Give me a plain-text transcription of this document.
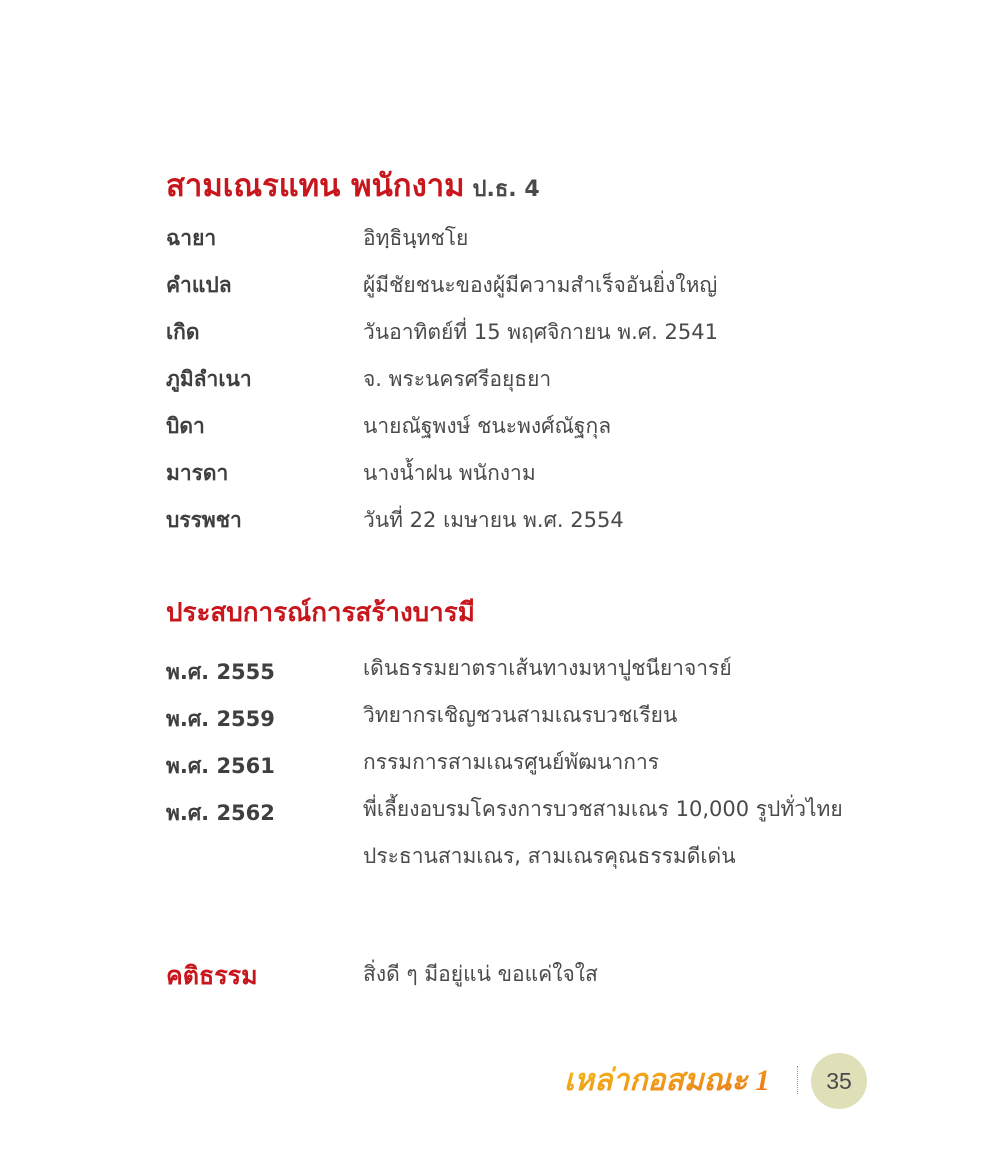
สามเณรแทน พนักงาม ป.ธ. 4
ฉายา	อิทฺธินฺทชโย
คำแปล	ผู้มีชัยชนะของผู้มีความสำเร็จอันยิ่งใหญ่
เกิด	วันอาทิตย์ที่ 15 พฤศจิกายน พ.ศ. 2541
ภูมิลำเนา	จ. พระนครศรีอยุธยา
บิดา	นายณัฐพงษ์ ชนะพงศ์ณัฐกุล
มารดา	นางน้ำฝน พนักงาม
บรรพชา	วันที่ 22 เมษายน พ.ศ. 2554
ประสบการณ์การสร้างบารมี
พ.ศ. 2555	เดินธรรมยาตราเส้นทางมหาปูชนียาจารย์
พ.ศ. 2559	วิทยากรเชิญชวนสามเณรบวชเรียน
พ.ศ. 2561	กรรมการสามเณรศูนย์พัฒนาการ
พ.ศ. 2562	พี่เลี้ยงอบรมโครงการบวชสามเณร 10,000 รูปทั่วไทย
ประธานสามเณร, สามเณรคุณธรรมดีเด่น
คติธรรม	สิ่งดี ๆ มีอยู่แน่ ขอแค่ใจใส
เหล่ากอสมณะ 1 35
